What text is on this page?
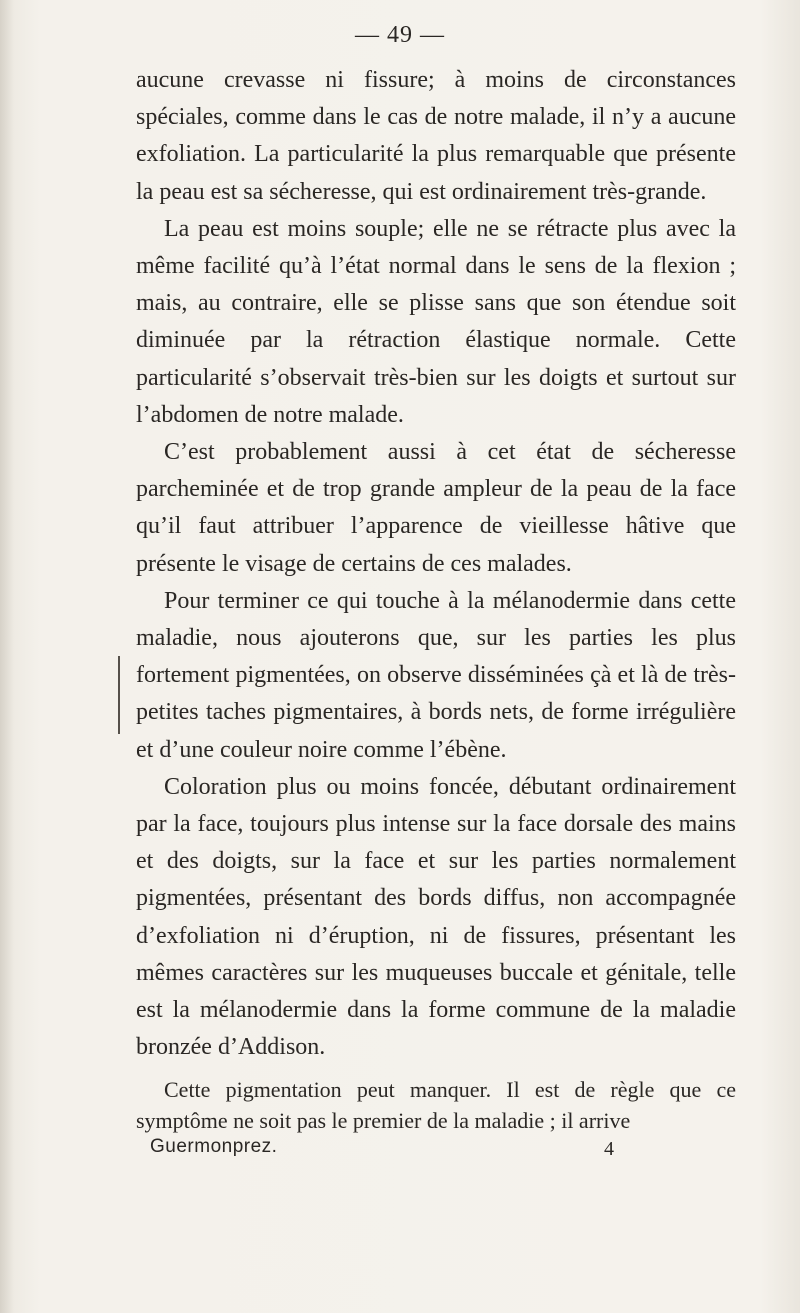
— 49 —

aucune crevasse ni fissure; à moins de circonstances spéciales, comme dans le cas de notre malade, il n’y a aucune exfoliation. La particularité la plus remarquable que présente la peau est sa sécheresse, qui est ordinairement très-grande.

La peau est moins souple; elle ne se rétracte plus avec la même facilité qu’à l’état normal dans le sens de la flexion ; mais, au contraire, elle se plisse sans que son étendue soit diminuée par la rétraction élastique normale. Cette particularité s’observait très-bien sur les doigts et surtout sur l’abdomen de notre malade.

C’est probablement aussi à cet état de sécheresse parcheminée et de trop grande ampleur de la peau de la face qu’il faut attribuer l’apparence de vieillesse hâtive que présente le visage de certains de ces malades.

Pour terminer ce qui touche à la mélanodermie dans cette maladie, nous ajouterons que, sur les parties les plus fortement pigmentées, on observe disséminées çà et là de très-petites taches pigmentaires, à bords nets, de forme irrégulière et d’une couleur noire comme l’ébène.

Coloration plus ou moins foncée, débutant ordinairement par la face, toujours plus intense sur la face dorsale des mains et des doigts, sur la face et sur les parties normalement pigmentées, présentant des bords diffus, non accompagnée d’exfoliation ni d’éruption, ni de fissures, présentant les mêmes caractères sur les muqueuses buccale et génitale, telle est la mélanodermie dans la forme commune de la maladie bronzée d’Addison.

Cette pigmentation peut manquer. Il est de règle que ce symptôme ne soit pas le premier de la maladie ; il arrive

Guermonprez.	4
